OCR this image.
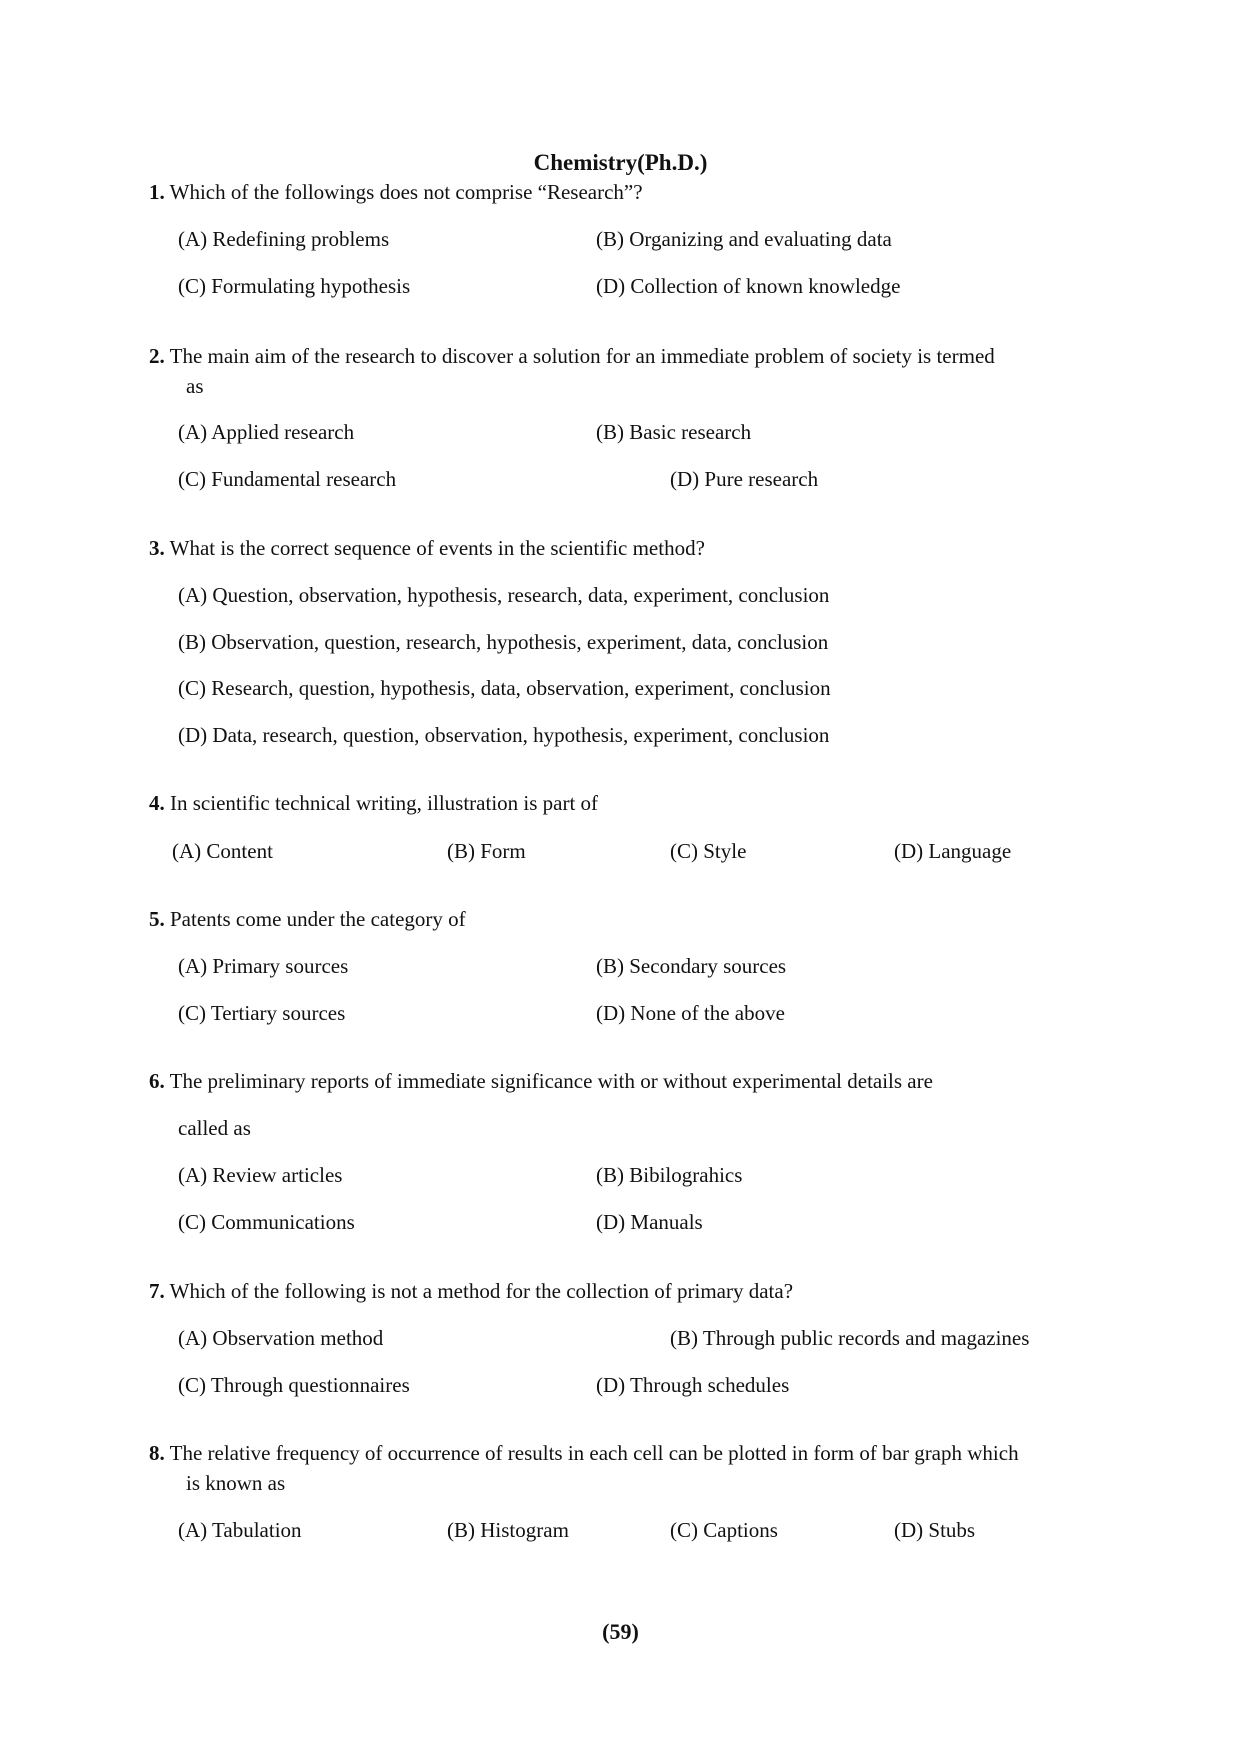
Chemistry(Ph.D.)
1. Which of the followings does not comprise “Research”?
(A) Redefining problems	(B) Organizing and evaluating data
(C) Formulating hypothesis	(D) Collection of known knowledge
2. The main aim of the research to discover a solution for an immediate problem of society is termed
as
(A) Applied research	(B) Basic research
(C) Fundamental research	(D) Pure research
3. What is the correct sequence of events in the scientific method?
(A) Question, observation, hypothesis, research, data, experiment, conclusion
(B) Observation, question, research, hypothesis, experiment, data, conclusion
(C) Research, question, hypothesis, data, observation, experiment, conclusion
(D) Data, research, question, observation, hypothesis, experiment, conclusion
4. In scientific technical writing, illustration is part of
(A) Content	(B) Form	(C) Style	(D) Language
5. Patents come under the category of
(A) Primary sources	(B) Secondary sources
(C) Tertiary sources	(D) None of the above
6. The preliminary reports of immediate significance with or without experimental details are
called as
(A) Review articles	(B) Bibilograhics
(C) Communications	(D) Manuals
7. Which of the following is not a method for the collection of primary data?
(A) Observation method	(B) Through public records and magazines
(C) Through questionnaires	(D) Through schedules
8. The relative frequency of occurrence of results in each cell can be plotted in form of bar graph which
is known as
(A) Tabulation	(B) Histogram	(C) Captions	(D) Stubs
(59)
